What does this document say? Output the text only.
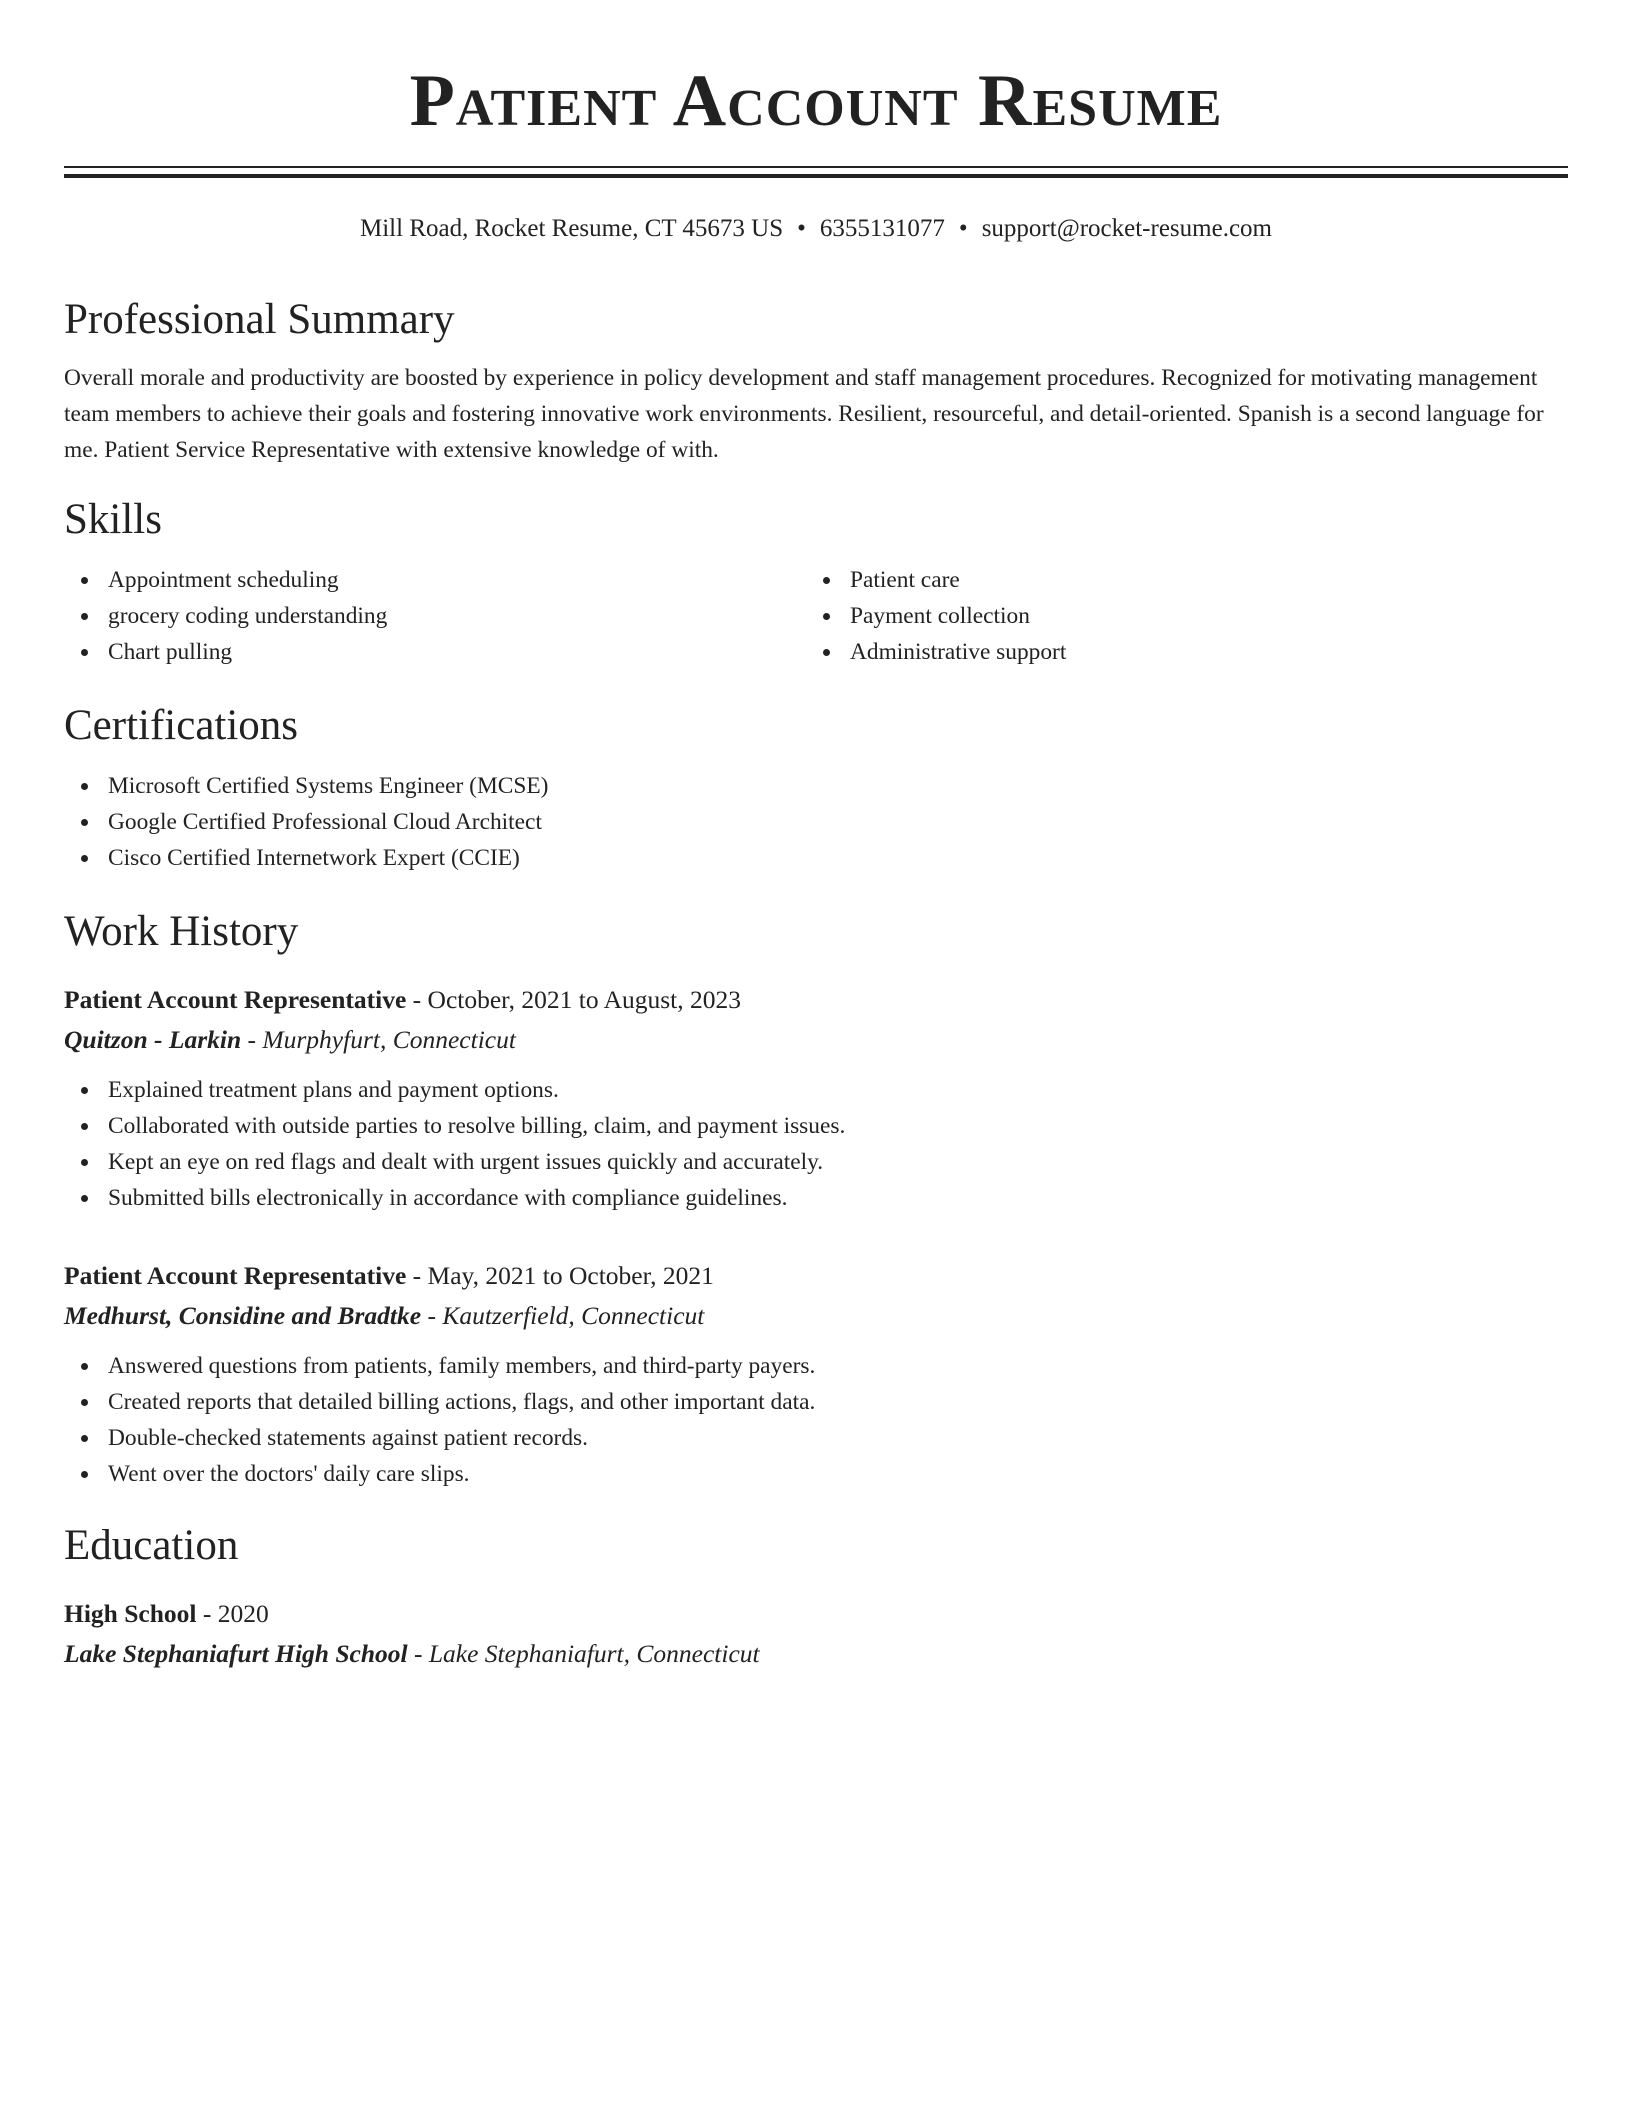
Patient Account Resume
Mill Road, Rocket Resume, CT 45673 US • 6355131077 • support@rocket-resume.com
Professional Summary

Overall morale and productivity are boosted by experience in policy development and staff management procedures. Recognized for motivating management team members to achieve their goals and fostering innovative work environments. Resilient, resourceful, and detail-oriented. Spanish is a second language for me. Patient Service Representative with extensive knowledge of with.

Skills
Appointment scheduling
grocery coding understanding
Chart pulling
Patient care
Payment collection
Administrative support
Certifications
Microsoft Certified Systems Engineer (MCSE)
Google Certified Professional Cloud Architect
Cisco Certified Internetwork Expert (CCIE)
Work History
Patient Account Representative - October, 2021 to August, 2023
Quitzon - Larkin - Murphyfurt, Connecticut
Explained treatment plans and payment options.
Collaborated with outside parties to resolve billing, claim, and payment issues.
Kept an eye on red flags and dealt with urgent issues quickly and accurately.
Submitted bills electronically in accordance with compliance guidelines.
Patient Account Representative - May, 2021 to October, 2021
Medhurst, Considine and Bradtke - Kautzerfield, Connecticut
Answered questions from patients, family members, and third-party payers.
Created reports that detailed billing actions, flags, and other important data.
Double-checked statements against patient records.
Went over the doctors' daily care slips.
Education
High School - 2020
Lake Stephaniafurt High School - Lake Stephaniafurt, Connecticut
